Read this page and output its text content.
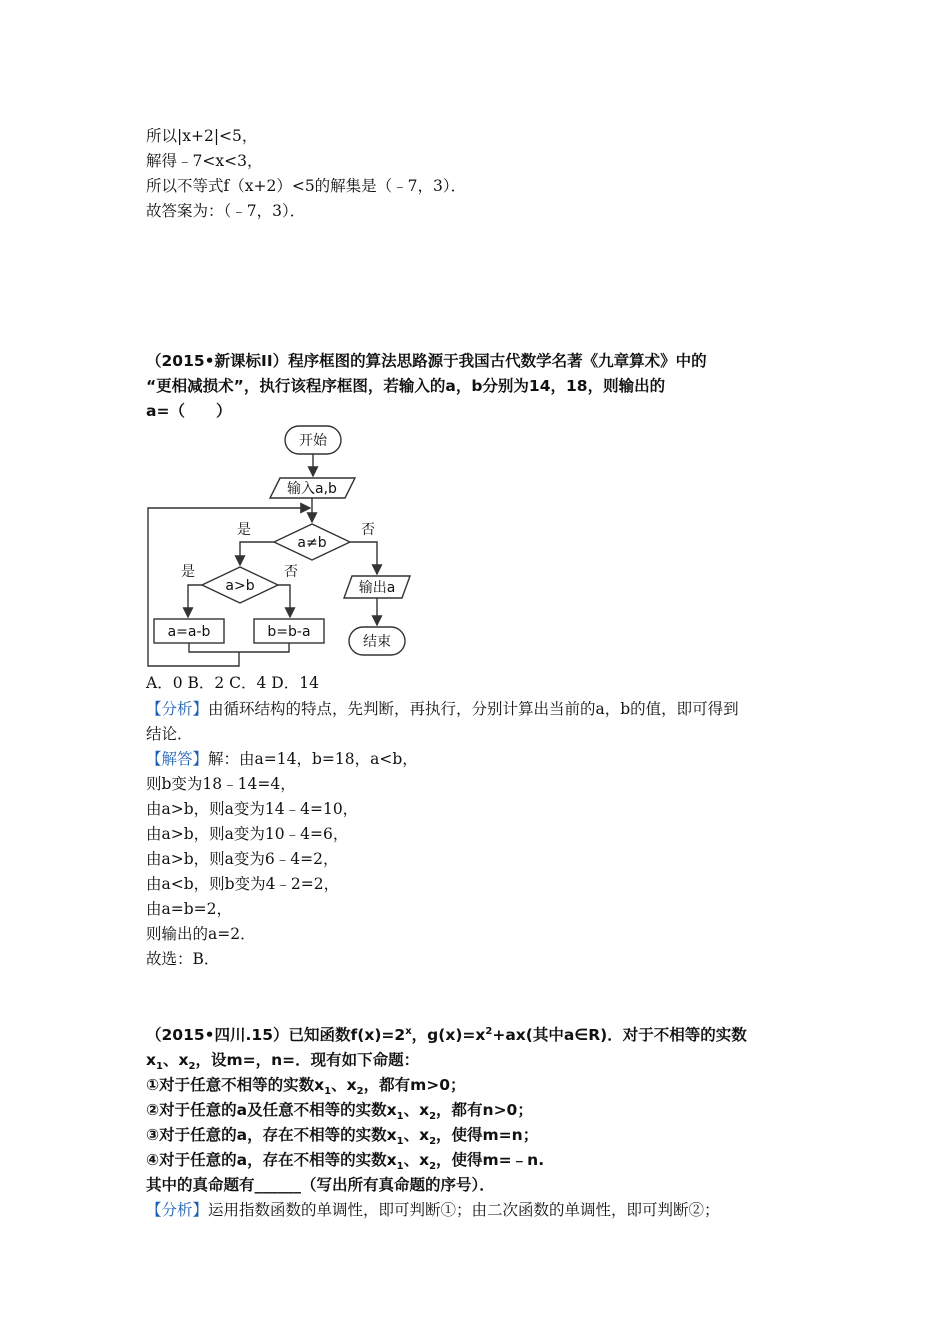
所以|x+2|<5，
解得﹣7<x<3，
所以不等式f（x+2）<5的解集是（﹣7，3）．
故答案为：（﹣7，3）．
（2015•新课标II）程序框图的算法思路源于我国古代数学名著《九章算术》中的
“更相减损术”，执行该程序框图，若输入的a，b分别为14，18，则输出的
a=（　　）
开始
输入a,b
a≠b
是	否
a>b
是	否
a=a-b	b=b-a
输出a
结束
A．0 B．2 C．4 D．14
【分析】由循环结构的特点，先判断，再执行，分别计算出当前的a，b的值，即可得到
结论．
【解答】解：由a=14，b=18，a<b，
则b变为18﹣14=4，
由a>b，则a变为14﹣4=10，
由a>b，则a变为10﹣4=6，
由a>b，则a变为6﹣4=2，
由a<b，则b变为4﹣2=2，
由a=b=2，
则输出的a=2．
故选：B．
（2015•四川.15）已知函数$f(x)=2^x$，$g(x)=x^2+ax$(其中a∈R)．对于不相等的实数
$x_1$、$x_2$，设m=，n=．现有如下命题：
①对于任意不相等的实数$x_1$、$x_2$，都有m>0；
②对于任意的a及任意不相等的实数$x_1$、$x_2$，都有n>0；
③对于任意的a，存在不相等的实数$x_1$、$x_2$，使得m=n；
④对于任意的a，存在不相等的实数$x_1$、$x_2$，使得m=﹣n.
其中的真命题有______（写出所有真命题的序号）．
【分析】运用指数函数的单调性，即可判断①；由二次函数的单调性，即可判断②；
